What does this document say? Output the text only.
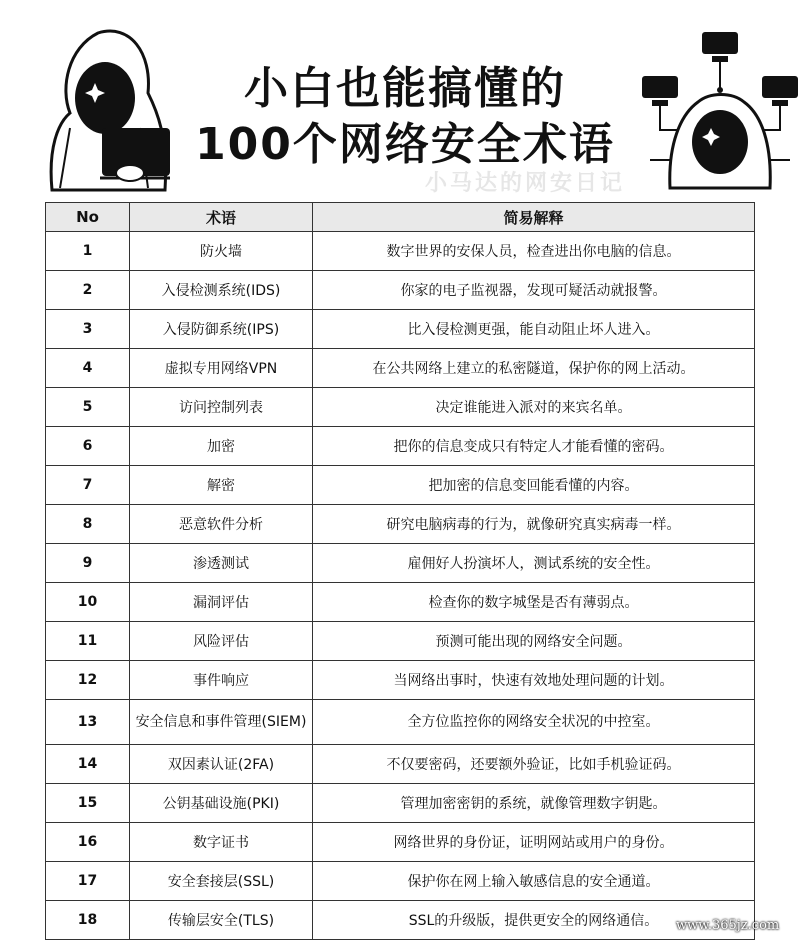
小白也能搞懂的
100个网络安全术语
小马达的网安日记
No	术语	简易解释
1	防火墙	数字世界的安保人员，检查进出你电脑的信息。
2	入侵检测系统(IDS)	你家的电子监视器，发现可疑活动就报警。
3	入侵防御系统(IPS)	比入侵检测更强，能自动阻止坏人进入。
4	虚拟专用网络VPN	在公共网络上建立的私密隧道，保护你的网上活动。
5	访问控制列表	决定谁能进入派对的来宾名单。
6	加密	把你的信息变成只有特定人才能看懂的密码。
7	解密	把加密的信息变回能看懂的内容。
8	恶意软件分析	研究电脑病毒的行为，就像研究真实病毒一样。
9	渗透测试	雇佣好人扮演坏人，测试系统的安全性。
10	漏洞评估	检查你的数字城堡是否有薄弱点。
11	风险评估	预测可能出现的网络安全问题。
12	事件响应	当网络出事时，快速有效地处理问题的计划。
13	安全信息和事件管理(SIEM)	全方位监控你的网络安全状况的中控室。
14	双因素认证(2FA)	不仅要密码，还要额外验证，比如手机验证码。
15	公钥基础设施(PKI)	管理加密密钥的系统，就像管理数字钥匙。
16	数字证书	网络世界的身份证，证明网站或用户的身份。
17	安全套接层(SSL)	保护你在网上输入敏感信息的安全通道。
18	传输层安全(TLS)	SSL的升级版，提供更安全的网络通信。 www.365jz.com
